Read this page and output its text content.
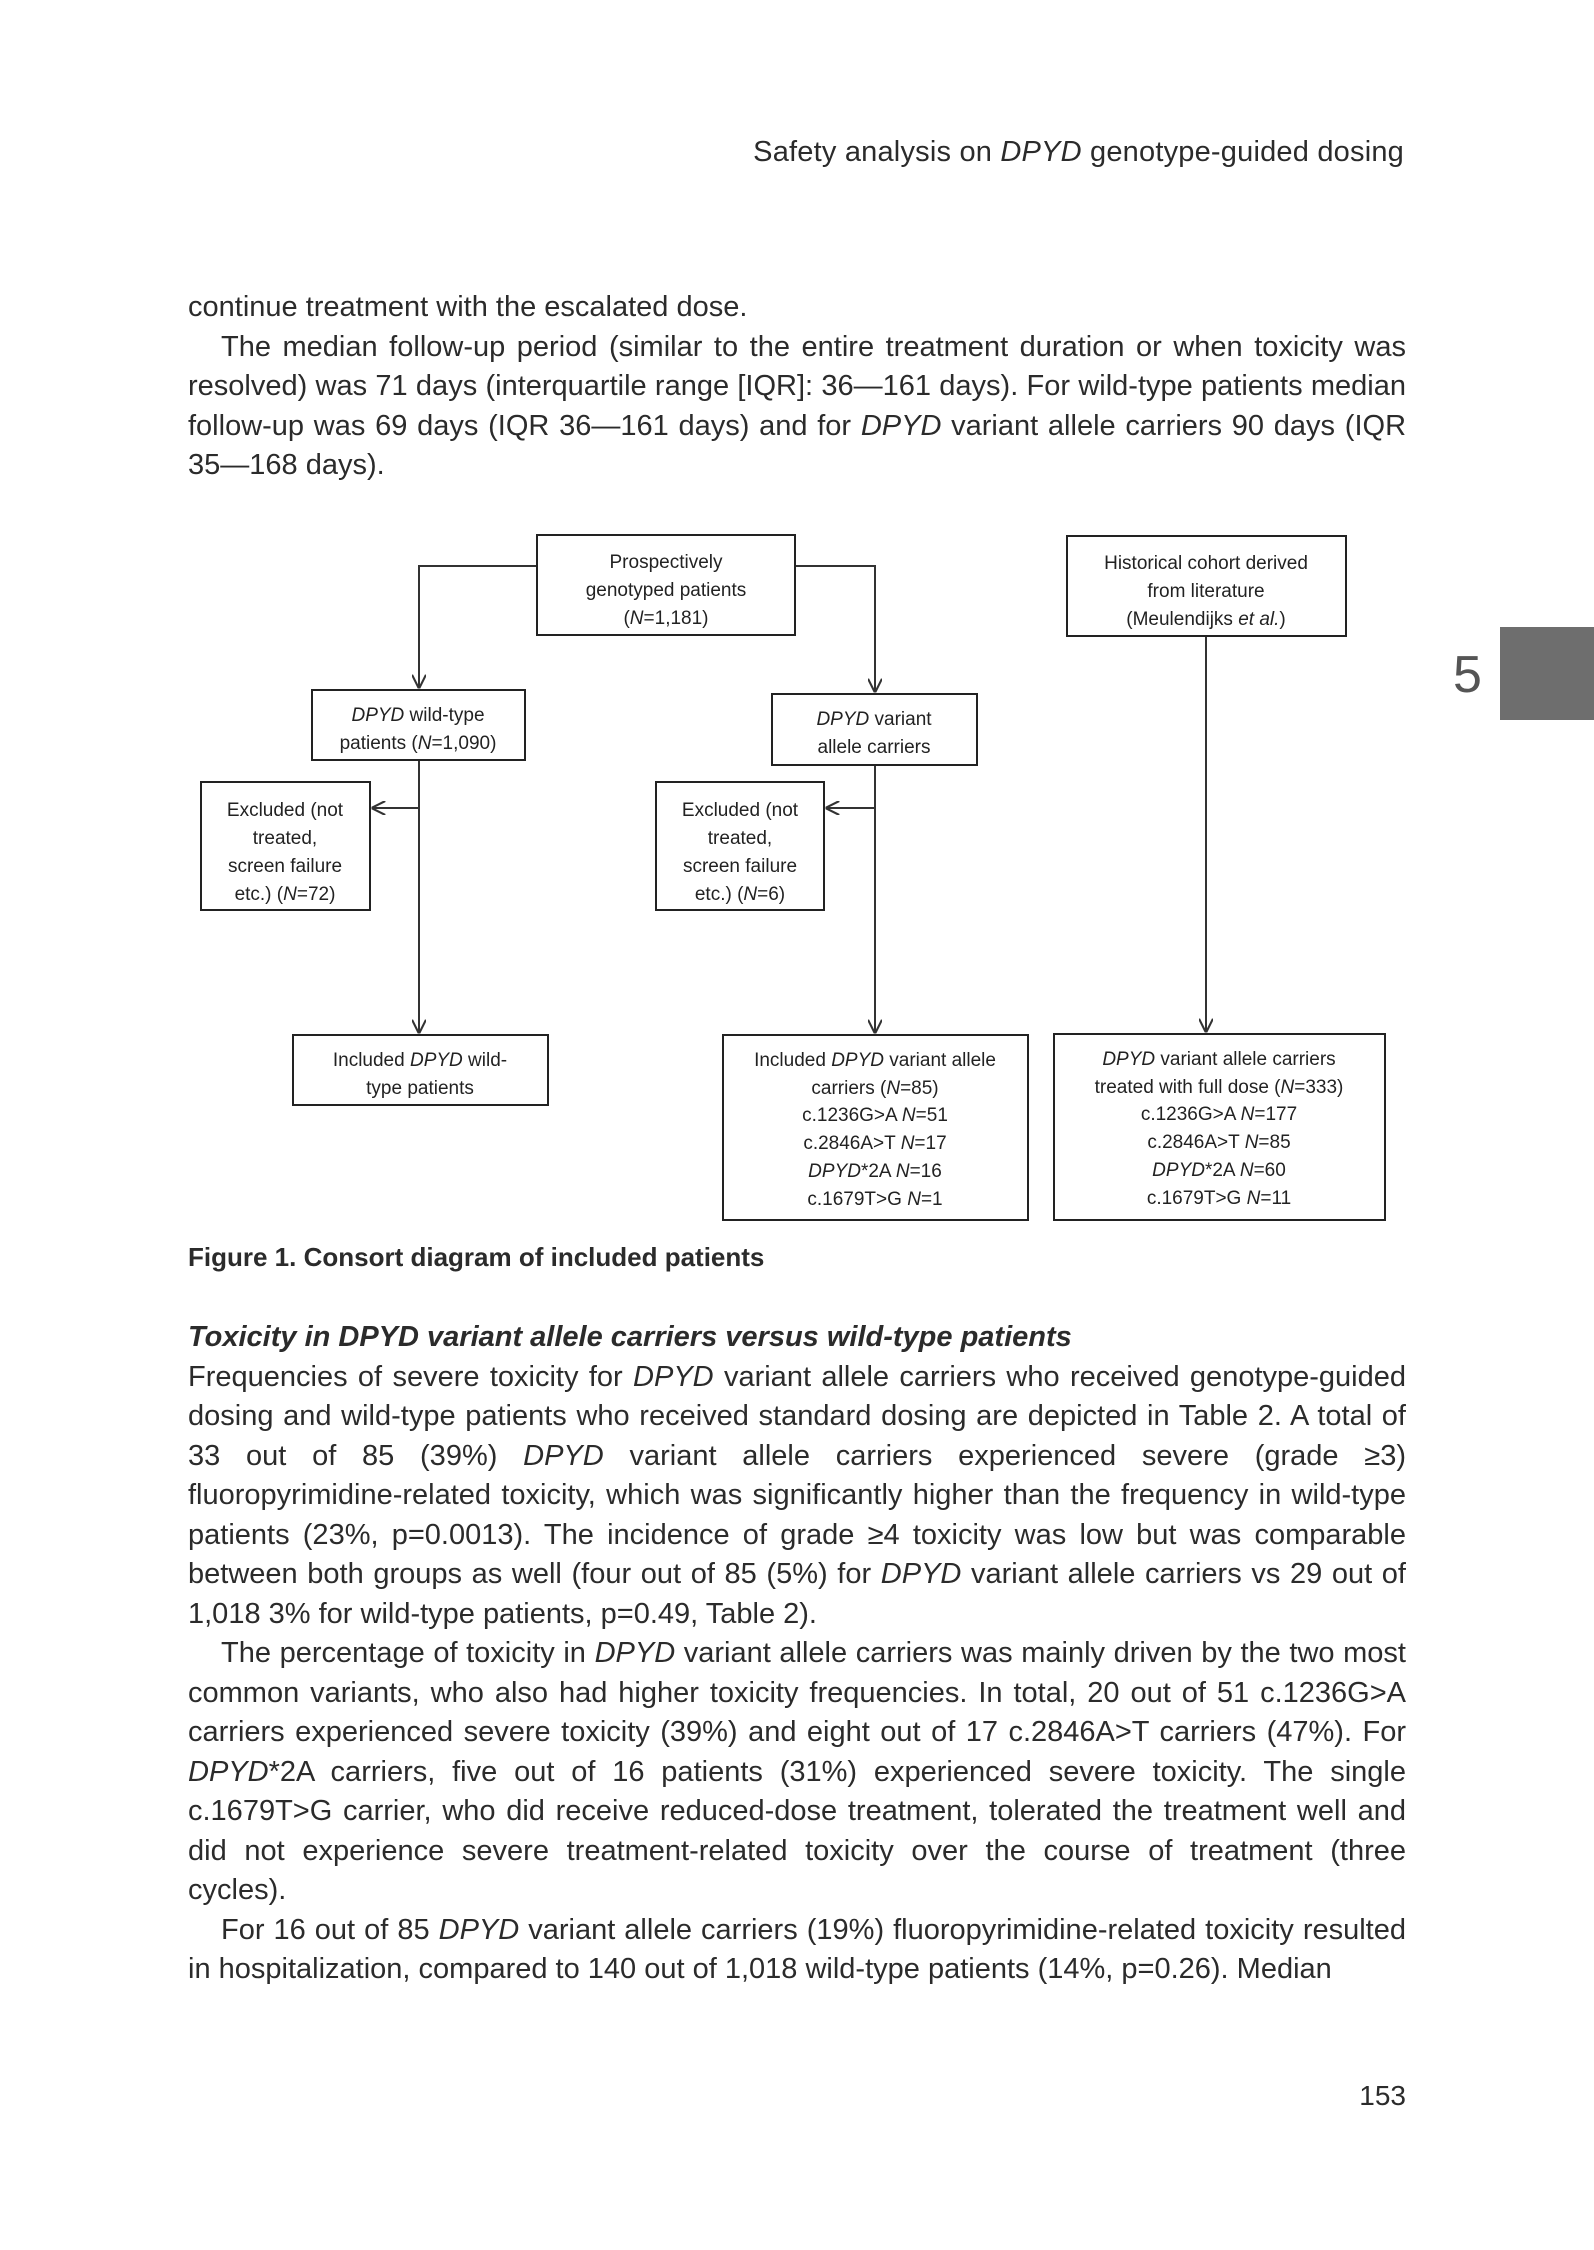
Safety analysis on DPYD genotype-guided dosing
5

continue treatment with the escalated dose.

The median follow-up period (similar to the entire treatment duration or when toxicity was resolved) was 71 days (interquartile range [IQR]: 36—161 days). For wild-type patients median follow-up was 69 days (IQR 36—161 days) and for DPYD variant allele carriers 90 days (IQR 35—168 days).

Prospectively
genotyped patients
(N=1,181)
Historical cohort derived
from literature
(Meulendijks et al.)
DPYD wild-type
patients (N=1,090)
DPYD variant
allele carriers
Excluded (not
treated,
screen failure
etc.) (N=72)
Excluded (not
treated,
screen failure
etc.) (N=6)
Included DPYD wild-
type patients
Included DPYD variant allele
carriers (N=85)
c.1236G>A N=51
c.2846A>T N=17
DPYD*2A N=16
c.1679T>G N=1
DPYD variant allele carriers
treated with full dose (N=333)
c.1236G>A N=177
c.2846A>T N=85
DPYD*2A N=60
c.1679T>G N=11
Figure 1. Consort diagram of included patients

Toxicity in DPYD variant allele carriers versus wild-type patients

Frequencies of severe toxicity for DPYD variant allele carriers who received genotype-guided dosing and wild-type patients who received standard dosing are depicted in Table 2. A total of 33 out of 85 (39%) DPYD variant allele carriers experienced severe (grade ≥3) fluoropyrimidine-related toxicity, which was significantly higher than the frequency in wild-type patients (23%, p=0.0013). The incidence of grade ≥4 toxicity was low but was comparable between both groups as well (four out of 85 (5%) for DPYD variant allele carriers vs 29 out of 1,018 3% for wild-type patients, p=0.49, Table 2).

The percentage of toxicity in DPYD variant allele carriers was mainly driven by the two most common variants, who also had higher toxicity frequencies. In total, 20 out of 51 c.1236G>A carriers experienced severe toxicity (39%) and eight out of 17 c.2846A>T carriers (47%). For DPYD*2A carriers, five out of 16 patients (31%) experienced severe toxicity. The single c.1679T>G carrier, who did receive reduced-dose treatment, tolerated the treatment well and did not experience severe treatment-related toxicity over the course of treatment (three cycles).

For 16 out of 85 DPYD variant allele carriers (19%) fluoropyrimidine-related toxicity resulted in hospitalization, compared to 140 out of 1,018 wild-type patients (14%, p=0.26). Median

153
